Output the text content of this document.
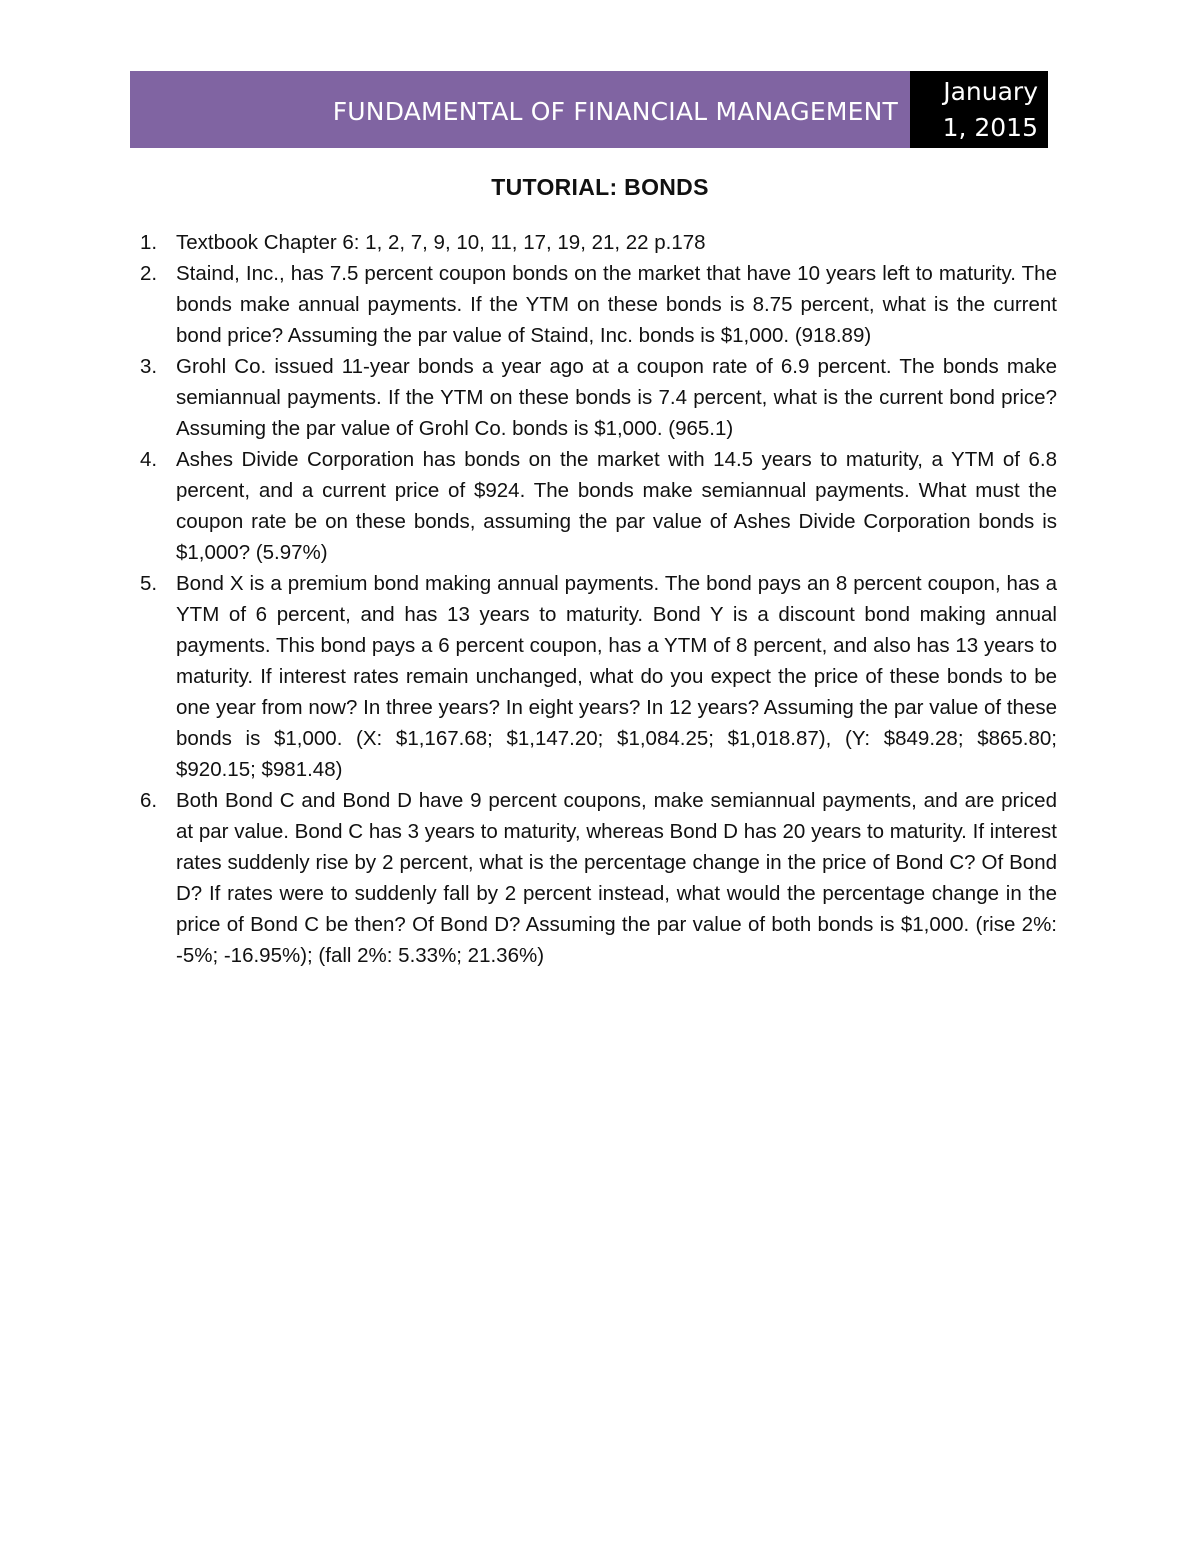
FUNDAMENTAL OF FINANCIAL MANAGEMENT
January
1, 2015
TUTORIAL: BONDS
1. Textbook Chapter 6: 1, 2, 7, 9, 10, 11, 17, 19, 21, 22 p.178
2. Staind, Inc., has 7.5 percent coupon bonds on the market that have 10 years left to maturity. The bonds make annual payments. If the YTM on these bonds is 8.75 percent, what is the current bond price? Assuming the par value of Staind, Inc. bonds is $1,000. (918.89)
3. Grohl Co. issued 11-year bonds a year ago at a coupon rate of 6.9 percent. The bonds make semiannual payments. If the YTM on these bonds is 7.4 percent, what is the current bond price? Assuming the par value of Grohl Co. bonds is $1,000. (965.1)
4. Ashes Divide Corporation has bonds on the market with 14.5 years to maturity, a YTM of 6.8 percent, and a current price of $924. The bonds make semiannual payments. What must the coupon rate be on these bonds, assuming the par value of Ashes Divide Corporation bonds is $1,000? (5.97%)
5. Bond X is a premium bond making annual payments. The bond pays an 8 percent coupon, has a YTM of 6 percent, and has 13 years to maturity. Bond Y is a discount bond making annual payments. This bond pays a 6 percent coupon, has a YTM of 8 percent, and also has 13 years to maturity. If interest rates remain unchanged, what do you expect the price of these bonds to be one year from now? In three years? In eight years? In 12 years? Assuming the par value of these bonds is $1,000. (X: $1,167.68; $1,147.20; $1,084.25; $1,018.87), (Y: $849.28; $865.80; $920.15; $981.48)
6. Both Bond C and Bond D have 9 percent coupons, make semiannual payments, and are priced at par value. Bond C has 3 years to maturity, whereas Bond D has 20 years to maturity. If interest rates suddenly rise by 2 percent, what is the percentage change in the price of Bond C? Of Bond D? If rates were to suddenly fall by 2 percent instead, what would the percentage change in the price of Bond C be then? Of Bond D? Assuming the par value of both bonds is $1,000. (rise 2%: -5%; -16.95%); (fall 2%: 5.33%; 21.36%)
